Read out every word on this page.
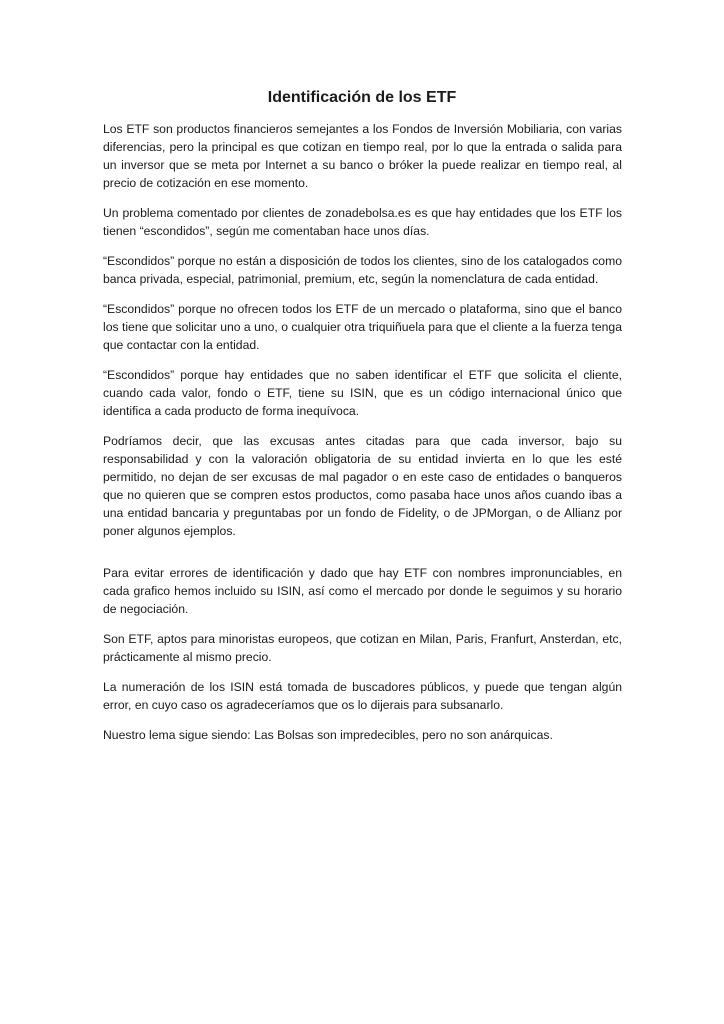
Identificación de los ETF

Los ETF son productos financieros semejantes a los Fondos de Inversión Mobiliaria, con varias diferencias, pero la principal es que cotizan en tiempo real, por lo que la entrada o salida para un inversor que se meta por Internet a su banco o bróker la puede realizar en tiempo real, al precio de cotización en ese momento.

Un problema comentado por clientes de zonadebolsa.es es que hay entidades que los ETF los tienen “escondidos”, según me comentaban hace unos días.

“Escondidos” porque no están a disposición de todos los clientes, sino de los catalogados como banca privada, especial, patrimonial, premium, etc, según la nomenclatura de cada entidad.

“Escondidos” porque no ofrecen todos los ETF de un mercado o plataforma, sino que el banco los tiene que solicitar uno a uno, o cualquier otra triquiñuela para que el cliente a la fuerza tenga que contactar con la entidad.

“Escondidos” porque hay entidades que no saben identificar el ETF que solicita el cliente, cuando cada valor, fondo o ETF, tiene su ISIN, que es un código internacional único que identifica a cada producto de forma inequívoca.

Podríamos decir, que las excusas antes citadas para que cada inversor, bajo su responsabilidad y con la valoración obligatoria de su entidad invierta en lo que les esté permitido, no dejan de ser excusas de mal pagador o en este caso de entidades o banqueros que no quieren que se compren estos productos, como pasaba hace unos años cuando ibas a una entidad bancaria y preguntabas por un fondo de Fidelity, o de JPMorgan, o de Allianz por poner algunos ejemplos.

Para evitar errores de identificación y dado que hay ETF con nombres impronunciables, en cada grafico hemos incluido su ISIN, así como el mercado por donde le seguimos y su horario de negociación.

Son ETF, aptos para minoristas europeos, que cotizan en Milan, Paris, Franfurt, Ansterdan, etc, prácticamente al mismo precio.

La numeración de los ISIN está tomada de buscadores públicos, y puede que tengan algún error, en cuyo caso os agradeceríamos que os lo dijerais para subsanarlo.

Nuestro lema sigue siendo: Las Bolsas son impredecibles, pero no son anárquicas.
